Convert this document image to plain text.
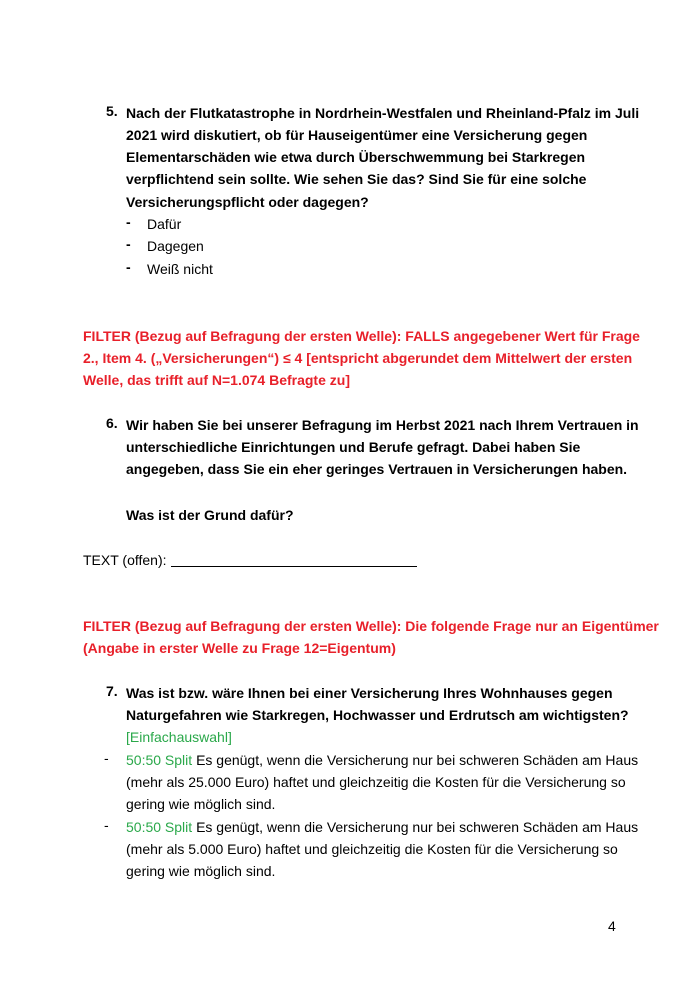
5. Nach der Flutkatastrophe in Nordrhein-Westfalen und Rheinland-Pfalz im Juli
2021 wird diskutiert, ob für Hauseigentümer eine Versicherung gegen
Elementarschäden wie etwa durch Überschwemmung bei Starkregen
verpflichtend sein sollte. Wie sehen Sie das? Sind Sie für eine solche
Versicherungspflicht oder dagegen?
- Dafür
- Dagegen
- Weiß nicht
FILTER (Bezug auf Befragung der ersten Welle): FALLS angegebener Wert für Frage
2., Item 4. („Versicherungen“) ≤ 4 [entspricht abgerundet dem Mittelwert der ersten
Welle, das trifft auf N=1.074 Befragte zu]
6. Wir haben Sie bei unserer Befragung im Herbst 2021 nach Ihrem Vertrauen in
unterschiedliche Einrichtungen und Berufe gefragt. Dabei haben Sie
angegeben, dass Sie ein eher geringes Vertrauen in Versicherungen haben.
Was ist der Grund dafür?
TEXT (offen):
FILTER (Bezug auf Befragung der ersten Welle): Die folgende Frage nur an Eigentümer
(Angabe in erster Welle zu Frage 12=Eigentum)
7. Was ist bzw. wäre Ihnen bei einer Versicherung Ihres Wohnhauses gegen
Naturgefahren wie Starkregen, Hochwasser und Erdrutsch am wichtigsten?
[Einfachauswahl]
- 50:50 Split Es genügt, wenn die Versicherung nur bei schweren Schäden am Haus
(mehr als 25.000 Euro) haftet und gleichzeitig die Kosten für die Versicherung so
gering wie möglich sind.
- 50:50 Split Es genügt, wenn die Versicherung nur bei schweren Schäden am Haus
(mehr als 5.000 Euro) haftet und gleichzeitig die Kosten für die Versicherung so
gering wie möglich sind.
4
